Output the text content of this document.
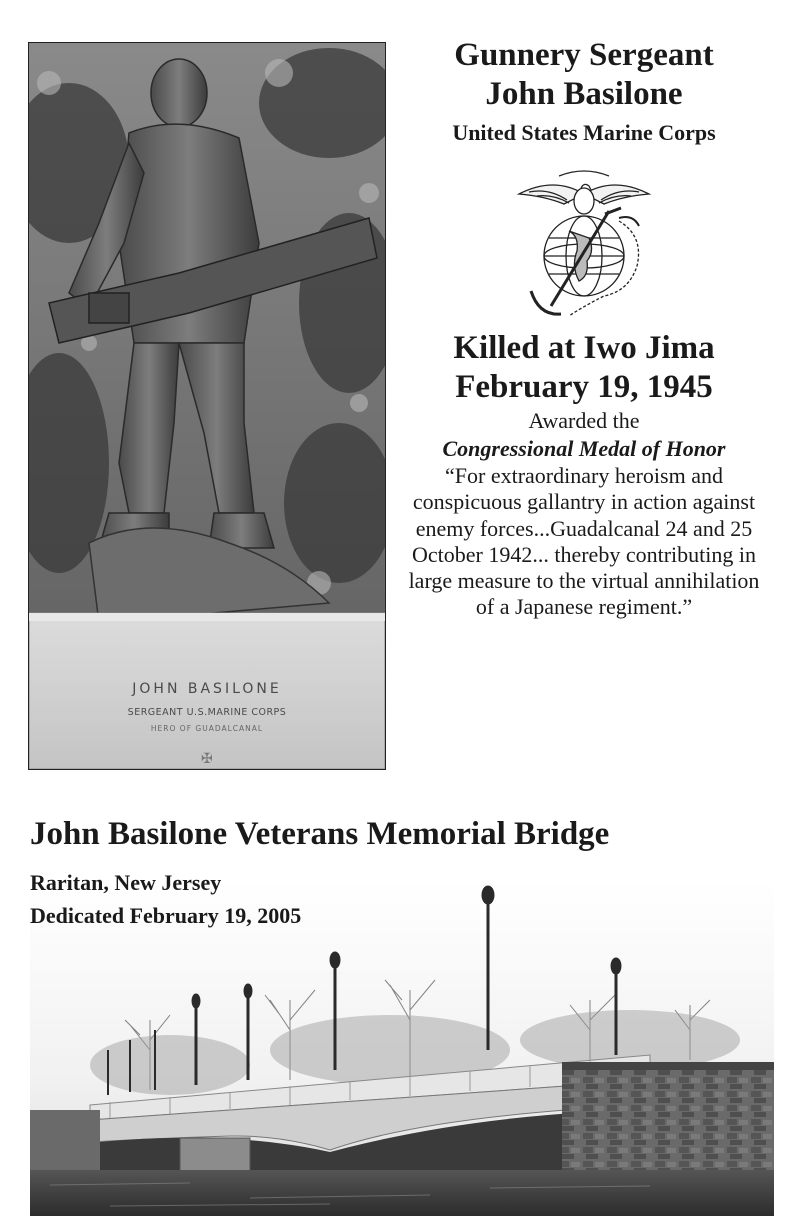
✠
JOHN BASILONE
SERGEANT U.S.MARINE CORPS
HERO OF GUADALCANAL

Gunnery Sergeant

John Basilone

United States Marine Corps

Killed at Iwo Jima

February 19, 1945

Awarded the

Congressional Medal of Honor

“For extraordinary heroism and conspicuous gallantry in action against enemy forces...Guadalcanal 24 and 25 October 1942... thereby contributing in large measure to the virtual annihilation of a Japanese regiment.”

John Basilone Veterans Memorial Bridge

Raritan, New Jersey

Dedicated February 19, 2005
